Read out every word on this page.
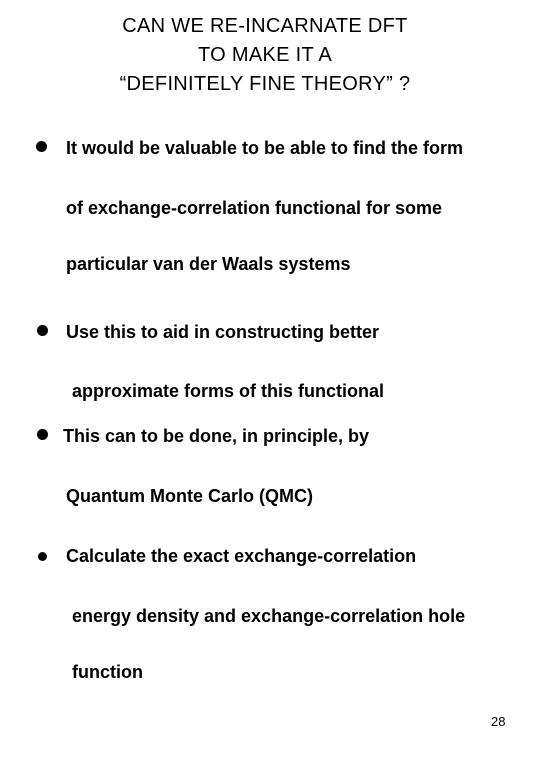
CAN WE RE-INCARNATE DFT
TO MAKE IT A
“DEFINITELY FINE THEORY” ?
It would be valuable to be able to find the form
of exchange-correlation functional for some
particular van der Waals systems
Use this to aid in constructing better
approximate forms of this functional
This can to be done, in principle, by
Quantum Monte Carlo (QMC)
Calculate the exact exchange-correlation
energy density and exchange-correlation hole
function
28
